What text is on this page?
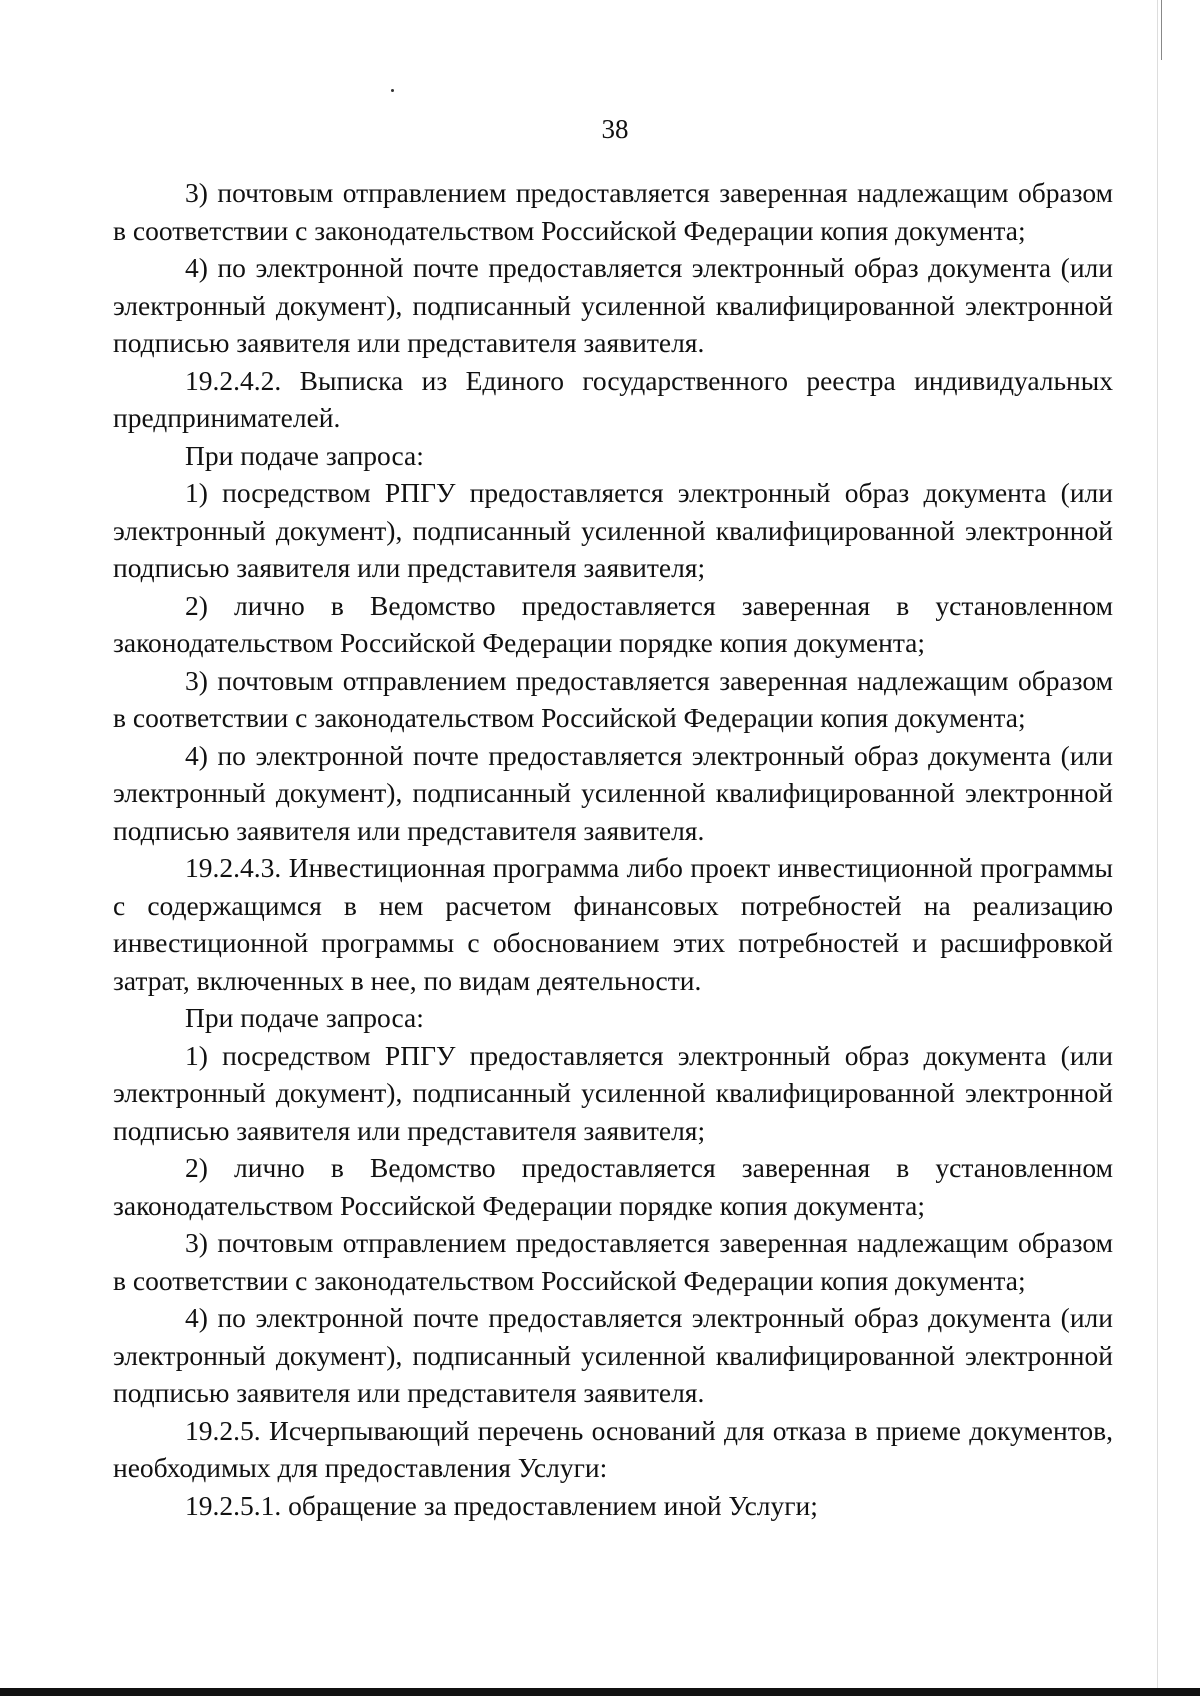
38

3) почтовым отправлением предоставляется заверенная надлежащим образом в соответствии с законодательством Российской Федерации копия документа;

4) по электронной почте предоставляется электронный образ документа (или электронный документ), подписанный усиленной квалифицированной электронной подписью заявителя или представителя заявителя.

19.2.4.2. Выписка из Единого государственного реестра индивидуальных предпринимателей.

При подаче запроса:

1) посредством РПГУ предоставляется электронный образ документа (или электронный документ), подписанный усиленной квалифицированной электронной подписью заявителя или представителя заявителя;

2) лично в Ведомство предоставляется заверенная в установленном законодательством Российской Федерации порядке копия документа;

3) почтовым отправлением предоставляется заверенная надлежащим образом в соответствии с законодательством Российской Федерации копия документа;

4) по электронной почте предоставляется электронный образ документа (или электронный документ), подписанный усиленной квалифицированной электронной подписью заявителя или представителя заявителя.

19.2.4.3. Инвестиционная программа либо проект инвестиционной программы с содержащимся в нем расчетом финансовых потребностей на реализацию инвестиционной программы с обоснованием этих потребностей и расшифровкой затрат, включенных в нее, по видам деятельности.

При подаче запроса:

1) посредством РПГУ предоставляется электронный образ документа (или электронный документ), подписанный усиленной квалифицированной электронной подписью заявителя или представителя заявителя;

2) лично в Ведомство предоставляется заверенная в установленном законодательством Российской Федерации порядке копия документа;

3) почтовым отправлением предоставляется заверенная надлежащим образом в соответствии с законодательством Российской Федерации копия документа;

4) по электронной почте предоставляется электронный образ документа (или электронный документ), подписанный усиленной квалифицированной электронной подписью заявителя или представителя заявителя.

19.2.5. Исчерпывающий перечень оснований для отказа в приеме документов, необходимых для предоставления Услуги:

19.2.5.1. обращение за предоставлением иной Услуги;
